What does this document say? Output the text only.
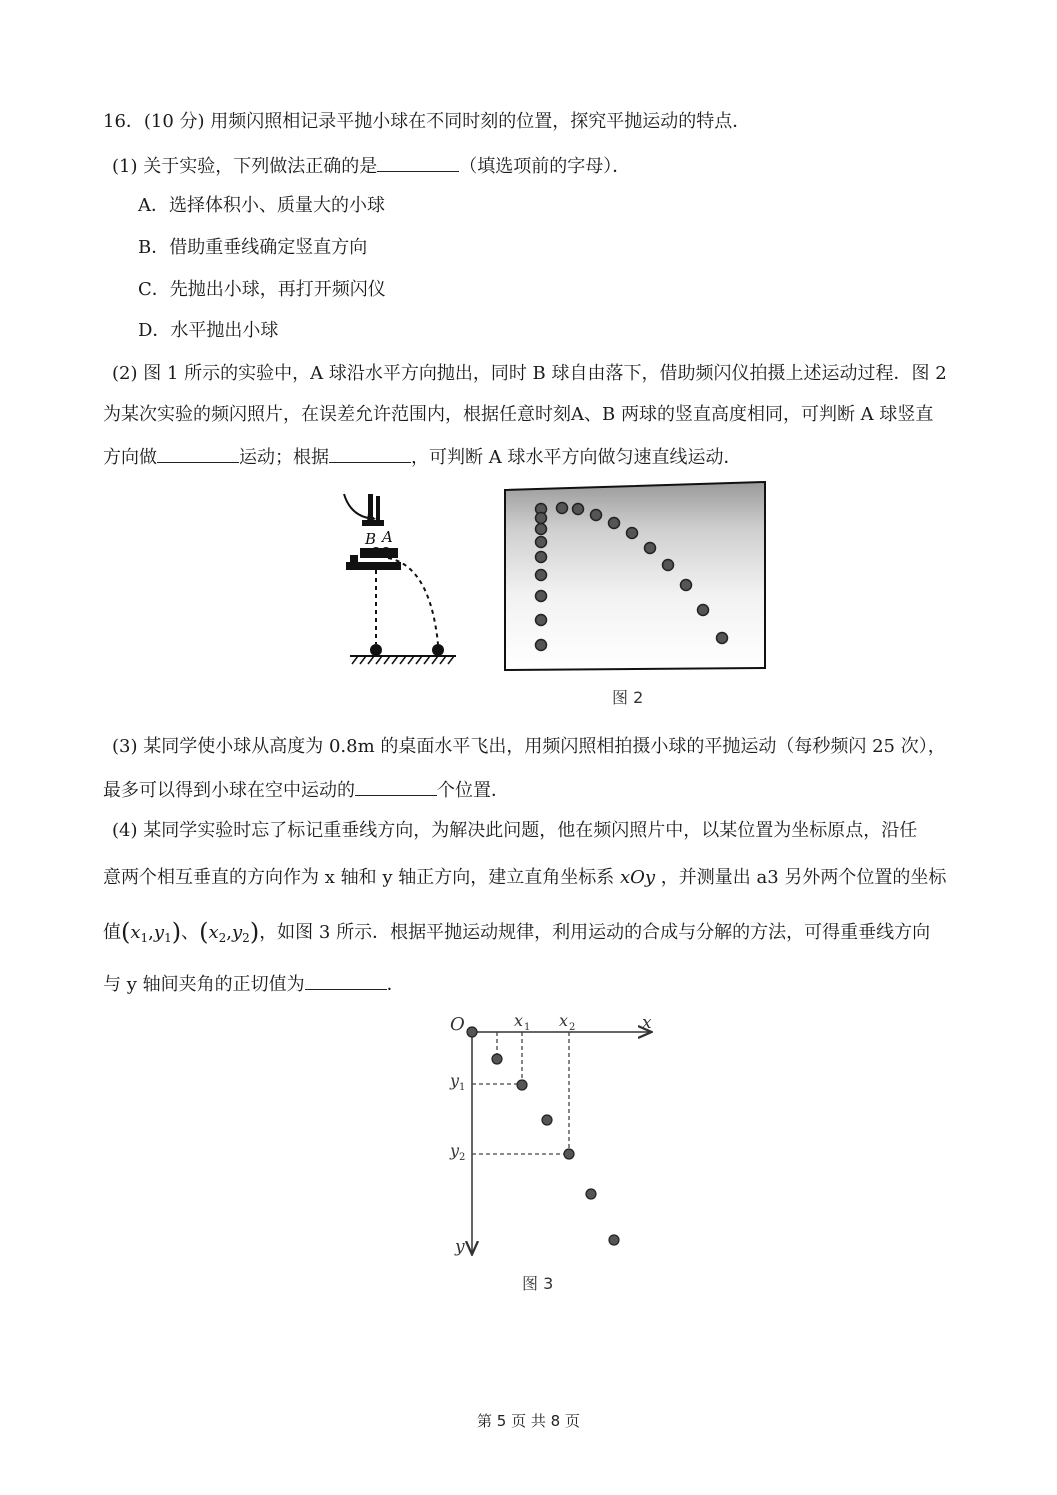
16．(10 分) 用频闪照相记录平抛小球在不同时刻的位置，探究平抛运动的特点．
(1) 关于实验，下列做法正确的是	（填选项前的字母）．
A．选择体积小、质量大的小球
B．借助重垂线确定竖直方向
C．先抛出小球，再打开频闪仪
D．水平抛出小球
(2) 图 1 所示的实验中，A 球沿水平方向抛出，同时 B 球自由落下，借助频闪仪拍摄上述运动过程．图 2
为某次实验的频闪照片，在误差允许范围内，根据任意时刻A、B 两球的竖直高度相同，可判断 A 球竖直
方向做	运动；根据	，可判断 A 球水平方向做匀速直线运动．
B A
图 2
(3) 某同学使小球从高度为 0.8m 的桌面水平飞出，用频闪照相拍摄小球的平抛运动（每秒频闪 25 次），
最多可以得到小球在空中运动的	个位置．
(4) 某同学实验时忘了标记重垂线方向，为解决此问题，他在频闪照片中，以某位置为坐标原点，沿任
意两个相互垂直的方向作为 x 轴和 y 轴正方向，建立直角坐标系 xOy ，并测量出 a3 另外两个位置的坐标
值$(x_1,y_1)$、$(x_2,y_2)$，如图 3 所示．根据平抛运动规律，利用运动的合成与分解的方法，可得重垂线方向
与 y 轴间夹角的正切值为	．
O	x
y
x 1 x 2
y 1
y 2
图 3
第 5 页 共 8 页
